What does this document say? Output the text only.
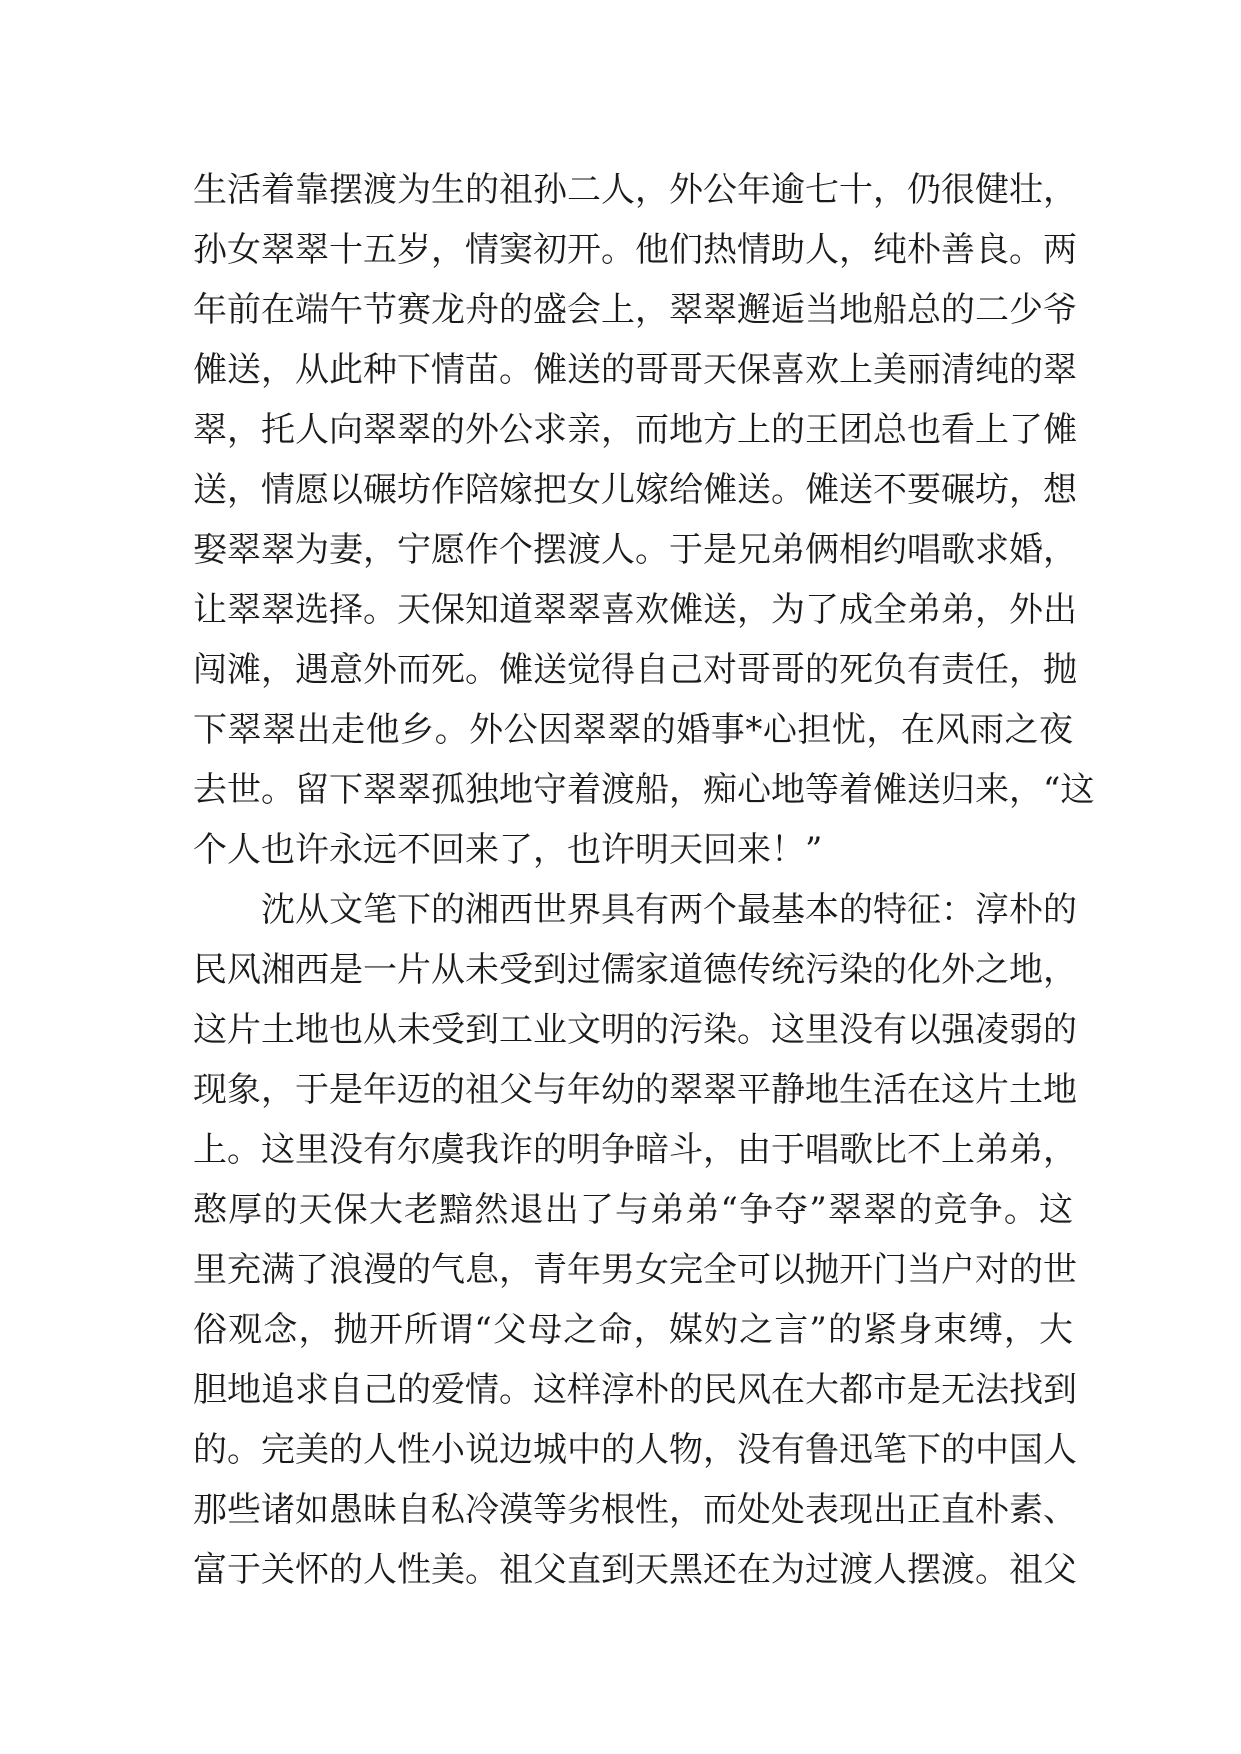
生活着靠摆渡为生的祖孙二人，外公年逾七十，仍很健壮，
孙女翠翠十五岁，情窦初开。他们热情助人，纯朴善良。两
年前在端午节赛龙舟的盛会上，翠翠邂逅当地船总的二少爷
傩送，从此种下情苗。傩送的哥哥天保喜欢上美丽清纯的翠
翠，托人向翠翠的外公求亲，而地方上的王团总也看上了傩
送，情愿以碾坊作陪嫁把女儿嫁给傩送。傩送不要碾坊，想
娶翠翠为妻，宁愿作个摆渡人。于是兄弟俩相约唱歌求婚，
让翠翠选择。天保知道翠翠喜欢傩送，为了成全弟弟，外出
闯滩，遇意外而死。傩送觉得自己对哥哥的死负有责任，抛
下翠翠出走他乡。外公因翠翠的婚事*心担忧，在风雨之夜
去世。留下翠翠孤独地守着渡船，痴心地等着傩送归来，“这
个人也许永远不回来了，也许明天回来！”
沈从文笔下的湘西世界具有两个最基本的特征：淳朴的
民风湘西是一片从未受到过儒家道德传统污染的化外之地，
这片土地也从未受到工业文明的污染。这里没有以强凌弱的
现象，于是年迈的祖父与年幼的翠翠平静地生活在这片土地
上。这里没有尔虞我诈的明争暗斗，由于唱歌比不上弟弟，
憨厚的天保大老黯然退出了与弟弟“争夺”翠翠的竞争。这
里充满了浪漫的气息，青年男女完全可以抛开门当户对的世
俗观念，抛开所谓“父母之命，媒妁之言”的紧身束缚，大
胆地追求自己的爱情。这样淳朴的民风在大都市是无法找到
的。完美的人性小说边城中的人物，没有鲁迅笔下的中国人
那些诸如愚昧自私冷漠等劣根性，而处处表现出正直朴素、
富于关怀的人性美。祖父直到天黑还在为过渡人摆渡。祖父
